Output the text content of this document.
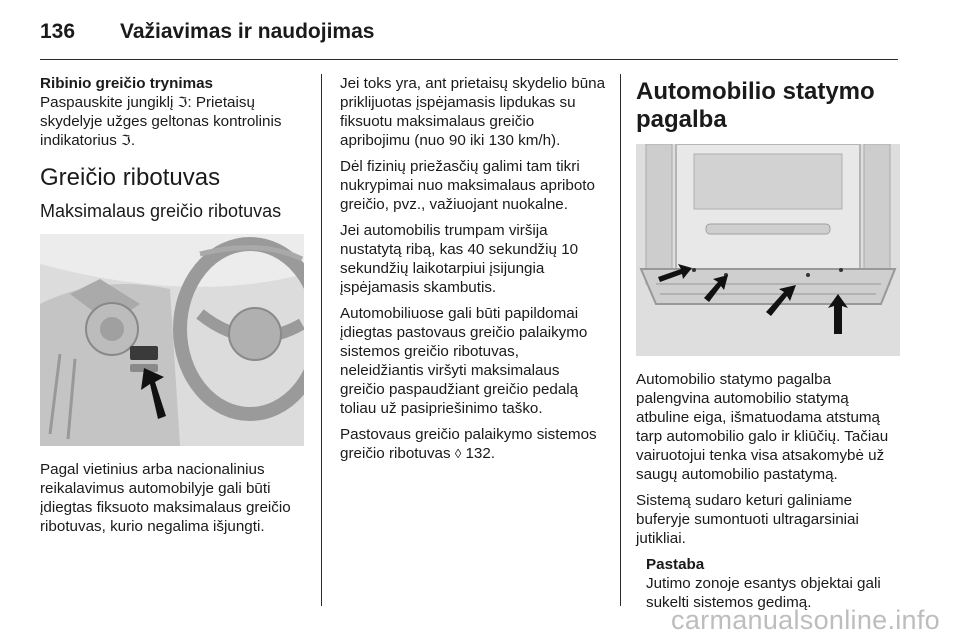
136	Važiavimas ir naudojimas
Ribinio greičio trynimas

Paspauskite jungiklį ℑ: Prietaisų skydelyje užges geltonas kontrolinis indikatorius ℑ.

Greičio ribotuvas
Maksimalaus greičio ribotuvas

Pagal vietinius arba nacionalinius reikalavimus automobilyje gali būti įdiegtas fiksuoto maksimalaus greičio ribotuvas, kurio negalima išjungti.

Jei toks yra, ant prietaisų skydelio būna priklijuotas įspėjamasis lipdukas su fiksuotu maksimalaus greičio apribojimu (nuo 90 iki 130 km/h).

Dėl fizinių priežasčių galimi tam tikri nukrypimai nuo maksimalaus apriboto greičio, pvz., važiuojant nuokalne.

Jei automobilis trumpam viršija nustatytą ribą, kas 40 sekundžių 10 sekundžių laikotarpiui įsijungia įspėjamasis skambutis.

Automobiliuose gali būti papildomai įdiegtas pastovaus greičio palaikymo sistemos greičio ribotuvas, neleidžiantis viršyti maksimalaus greičio paspaudžiant greičio pedalą toliau už pasipriešinimo taško.

Pastovaus greičio palaikymo sistemos greičio ribotuvas ◊ 132.

Automobilio statymo pagalba

Automobilio statymo pagalba palengvina automobilio statymą atbuline eiga, išmatuodama atstumą tarp automobilio galo ir kliūčių. Tačiau vairuotojui tenka visa atsakomybė už saugų automobilio pastatymą.

Sistemą sudaro keturi galiniame buferyje sumontuoti ultragarsiniai jutikliai.

Pastaba
Jutimo zonoje esantys objektai gali sukelti sistemos gedimą.
carmanualsonline.info
